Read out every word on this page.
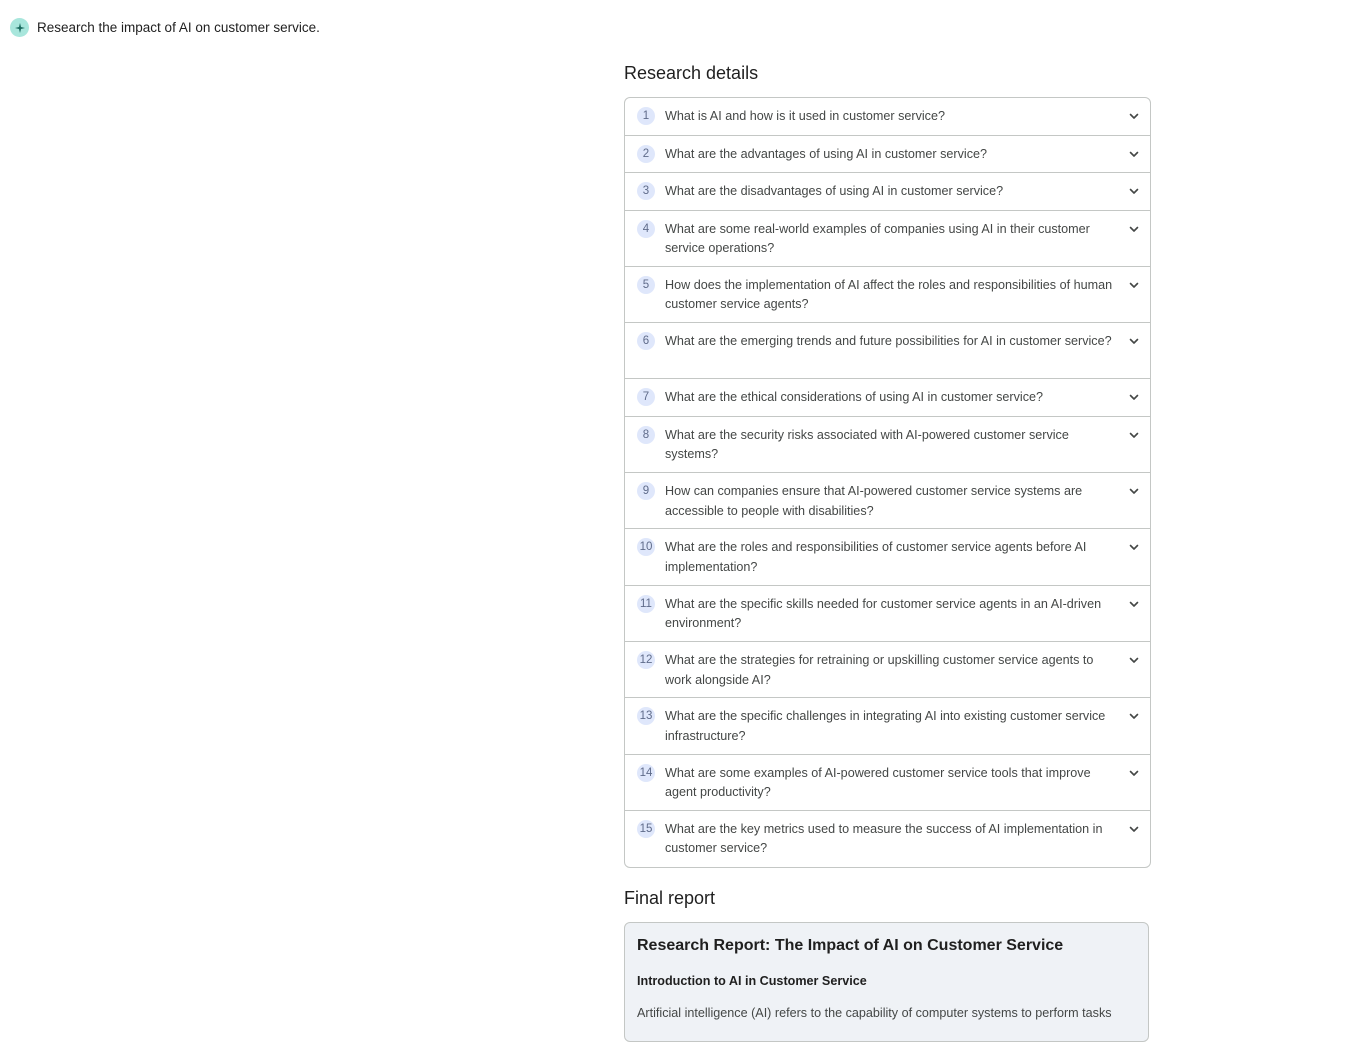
Research the impact of AI on customer service.
Research details
1	What is AI and how is it used in customer service?
2	What are the advantages of using AI in customer service?
3	What are the disadvantages of using AI in customer service?
4	What are some real-world examples of companies using AI in their customer service operations?
5	How does the implementation of AI affect the roles and responsibilities of human customer service agents?
6	What are the emerging trends and future possibilities for AI in customer service?
7	What are the ethical considerations of using AI in customer service?
8	What are the security risks associated with AI-powered customer service systems?
9	How can companies ensure that AI-powered customer service systems are accessible to people with disabilities?
10 What are the roles and responsibilities of customer service agents before AI implementation?
11 What are the specific skills needed for customer service agents in an AI-driven environment?
12 What are the strategies for retraining or upskilling customer service agents to work alongside AI?
13 What are the specific challenges in integrating AI into existing customer service infrastructure?
14 What are some examples of AI-powered customer service tools that improve agent productivity?
15 What are the key metrics used to measure the success of AI implementation in customer service?
Final report
Research Report: The Impact of AI on Customer Service
Introduction to AI in Customer Service
Artificial intelligence (AI) refers to the capability of computer systems to perform tasks
